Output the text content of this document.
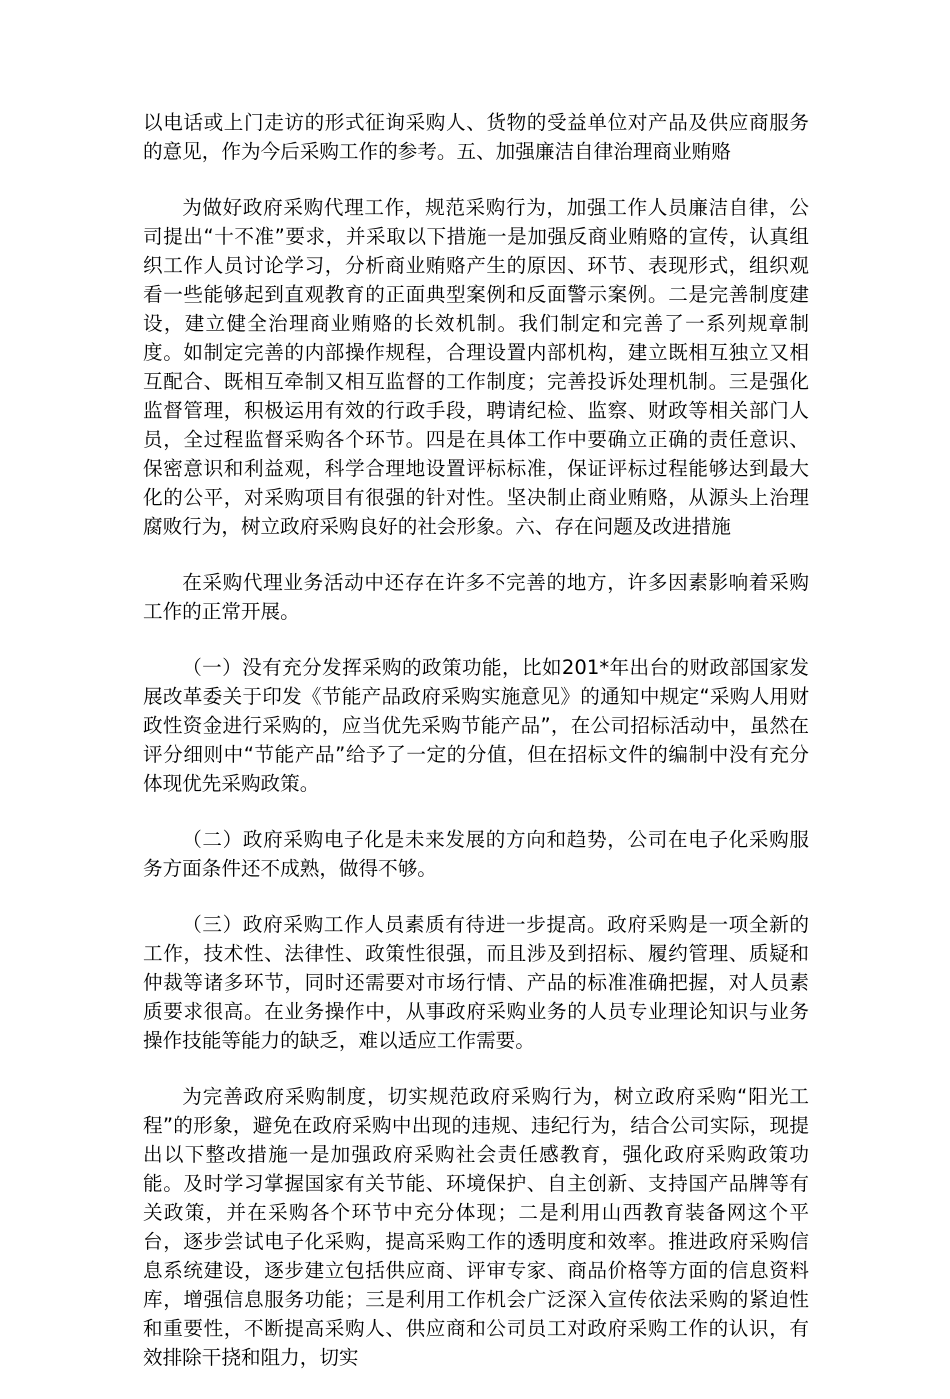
以电话或上门走访的形式征询采购人、货物的受益单位对产品及供应商服务的意见，作为今后采购工作的参考。五、加强廉洁自律治理商业贿赂

为做好政府采购代理工作，规范采购行为，加强工作人员廉洁自律，公司提出“十不准”要求，并采取以下措施一是加强反商业贿赂的宣传，认真组织工作人员讨论学习，分析商业贿赂产生的原因、环节、表现形式，组织观看一些能够起到直观教育的正面典型案例和反面警示案例。二是完善制度建设，建立健全治理商业贿赂的长效机制。我们制定和完善了一系列规章制度。如制定完善的内部操作规程，合理设置内部机构，建立既相互独立又相互配合、既相互牵制又相互监督的工作制度；完善投诉处理机制。三是强化监督管理，积极运用有效的行政手段，聘请纪检、监察、财政等相关部门人员，全过程监督采购各个环节。四是在具体工作中要确立正确的责任意识、保密意识和利益观，科学合理地设置评标标准，保证评标过程能够达到最大化的公平，对采购项目有很强的针对性。坚决制止商业贿赂，从源头上治理腐败行为，树立政府采购良好的社会形象。六、存在问题及改进措施

在采购代理业务活动中还存在许多不完善的地方，许多因素影响着采购工作的正常开展。

（一）没有充分发挥采购的政策功能，比如201*年出台的财政部国家发展改革委关于印发《节能产品政府采购实施意见》的通知中规定“采购人用财政性资金进行采购的，应当优先采购节能产品”，在公司招标活动中，虽然在评分细则中“节能产品”给予了一定的分值，但在招标文件的编制中没有充分体现优先采购政策。

（二）政府采购电子化是未来发展的方向和趋势，公司在电子化采购服务方面条件还不成熟，做得不够。

（三）政府采购工作人员素质有待进一步提高。政府采购是一项全新的工作，技术性、法律性、政策性很强，而且涉及到招标、履约管理、质疑和仲裁等诸多环节，同时还需要对市场行情、产品的标准准确把握，对人员素质要求很高。在业务操作中，从事政府采购业务的人员专业理论知识与业务操作技能等能力的缺乏，难以适应工作需要。

为完善政府采购制度，切实规范政府采购行为，树立政府采购“阳光工程”的形象，避免在政府采购中出现的违规、违纪行为，结合公司实际，现提出以下整改措施一是加强政府采购社会责任感教育，强化政府采购政策功能。及时学习掌握国家有关节能、环境保护、自主创新、支持国产品牌等有关政策，并在采购各个环节中充分体现；二是利用山西教育装备网这个平台，逐步尝试电子化采购，提高采购工作的透明度和效率。推进政府采购信息系统建设，逐步建立包括供应商、评审专家、商品价格等方面的信息资料库，增强信息服务功能；三是利用工作机会广泛深入宣传依法采购的紧迫性和重要性，不断提高采购人、供应商和公司员工对政府采购工作的认识，有效排除干挠和阻力，切实
